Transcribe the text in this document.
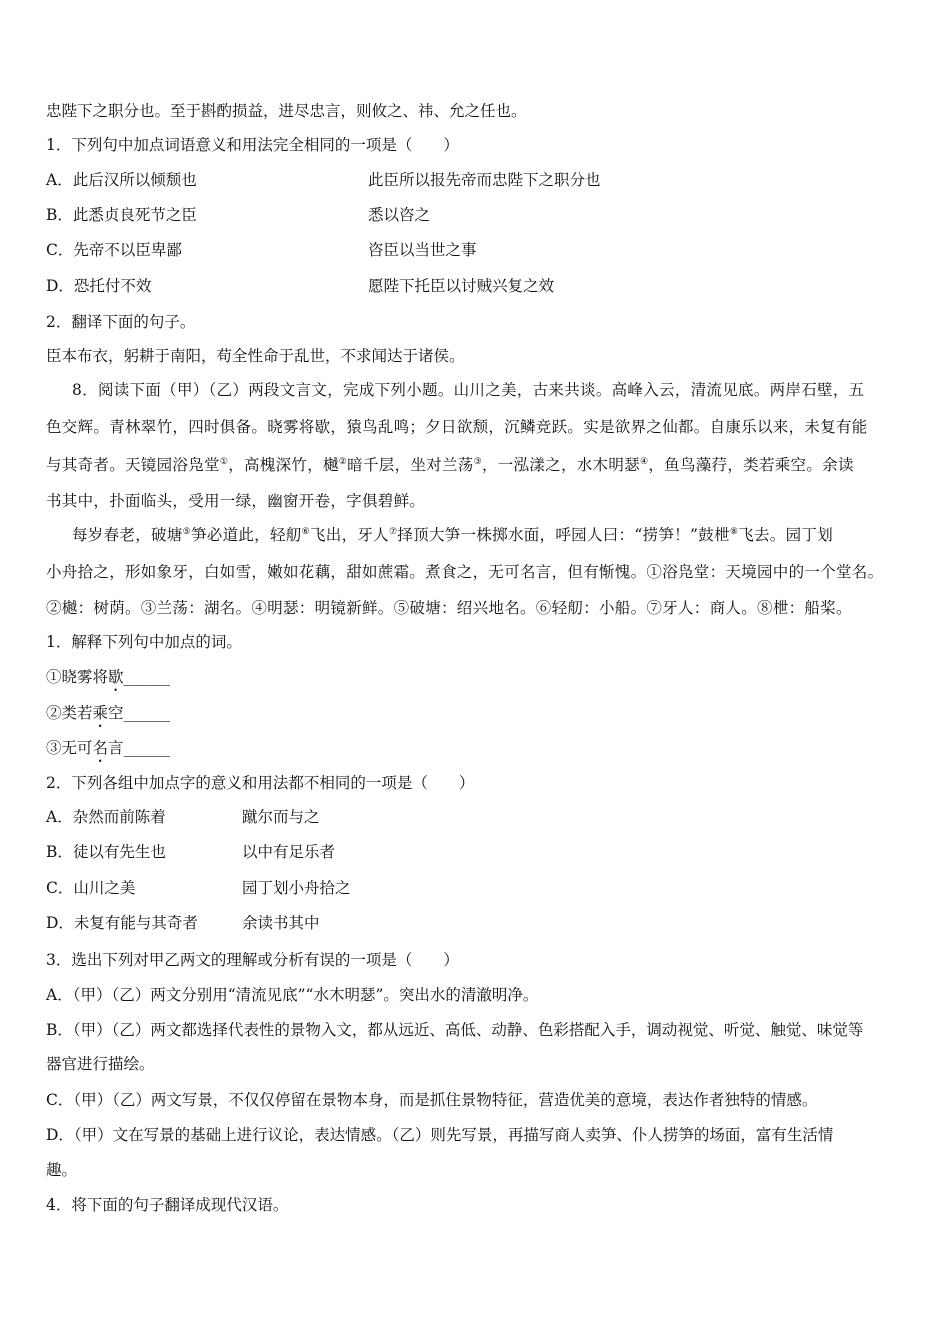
忠陛下之职分也。至于斟酌损益，进尽忠言，则攸之、祎、允之任也。
1．下列句中加点词语意义和用法完全相同的一项是（　　）
A．此后汉所以倾颓也	此臣所以报先帝而忠陛下之职分也
B．此悉贞良死节之臣	悉以咨之
C．先帝不以臣卑鄙	咨臣以当世之事
D．恐托付不效	愿陛下托臣以讨贼兴复之效
2．翻译下面的句子。
臣本布衣，躬耕于南阳，苟全性命于乱世，不求闻达于诸侯。
8．阅读下面（甲）（乙）两段文言文，完成下列小题。山川之美，古来共谈。高峰入云，清流见底。两岸石壁，五
色交辉。青林翠竹，四时俱备。晓雾将歇，猿鸟乱鸣；夕日欲颓，沉鳞竞跃。实是欲界之仙都。自康乐以来，未复有能
与其奇者。天镜园浴凫堂①，高槐深竹，樾②暗千层，坐对兰荡③，一泓漾之，水木明瑟④，鱼鸟藻荇，类若乘空。余读
书其中，扑面临头，受用一绿，幽窗开卷，字俱碧鲜。
每岁春老，破塘⑤笋必道此，轻舠⑥飞出，牙人⑦择顶大笋一株掷水面，呼园人曰：“捞笋！”鼓枻⑧飞去。园丁划
小舟拾之，形如象牙，白如雪，嫩如花藕，甜如蔗霜。煮食之，无可名言，但有惭愧。①浴凫堂：天境园中的一个堂名。
②樾：树荫。③兰荡：湖名。④明瑟：明镜新鲜。⑤破塘：绍兴地名。⑥轻舠：小船。⑦牙人：商人。⑧枻：船桨。
1．解释下列句中加点的词。
①晓雾将歇______
②类若乘空______
③无可名言______
2．下列各组中加点字的意义和用法都不相同的一项是（　　）
A．杂然而前陈着	蹴尔而与之
B．徒以有先生也	以中有足乐者
C．山川之美	园丁划小舟拾之
D．未复有能与其奇者	余读书其中
3．选出下列对甲乙两文的理解或分析有误的一项是（　　）
A．（甲）（乙）两文分别用“清流见底”“水木明瑟”。突出水的清澈明净。
B．（甲）（乙）两文都选择代表性的景物入文，都从远近、高低、动静、色彩搭配入手，调动视觉、听觉、触觉、味觉等
器官进行描绘。
C．（甲）（乙）两文写景，不仅仅停留在景物本身，而是抓住景物特征，营造优美的意境，表达作者独特的情感。
D．（甲）文在写景的基础上进行议论，表达情感。（乙）则先写景，再描写商人卖笋、仆人捞笋的场面，富有生活情
趣。
4．将下面的句子翻译成现代汉语。
